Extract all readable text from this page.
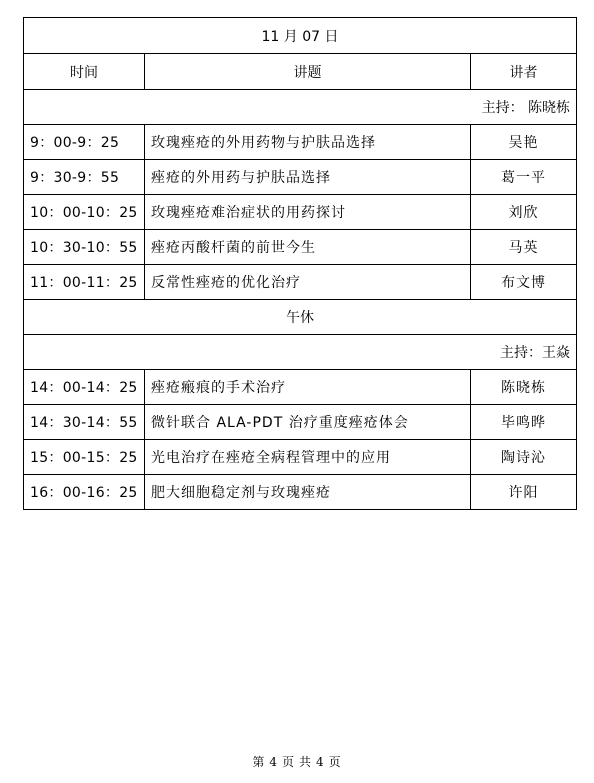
11 月 07 日		
时间	讲题	讲者
主持： 陈晓栋		
9：00-9：25	玫瑰痤疮的外用药物与护肤品选择	吴艳
9：30-9：55	痤疮的外用药与护肤品选择	葛一平
10：00-10：25	玫瑰痤疮难治症状的用药探讨	刘欣
10：30-10：55	痤疮丙酸杆菌的前世今生	马英
11：00-11：25	反常性痤疮的优化治疗	布文博
午休		
主持：王焱		
14：00-14：25	痤疮瘢痕的手术治疗	陈晓栋
14：30-14：55	微针联合 ALA-PDT 治疗重度痤疮体会	毕鸣晔
15：00-15：25	光电治疗在痤疮全病程管理中的应用	陶诗沁
16：00-16：25	肥大细胞稳定剂与玫瑰痤疮	许阳
第 4 页 共 4 页
